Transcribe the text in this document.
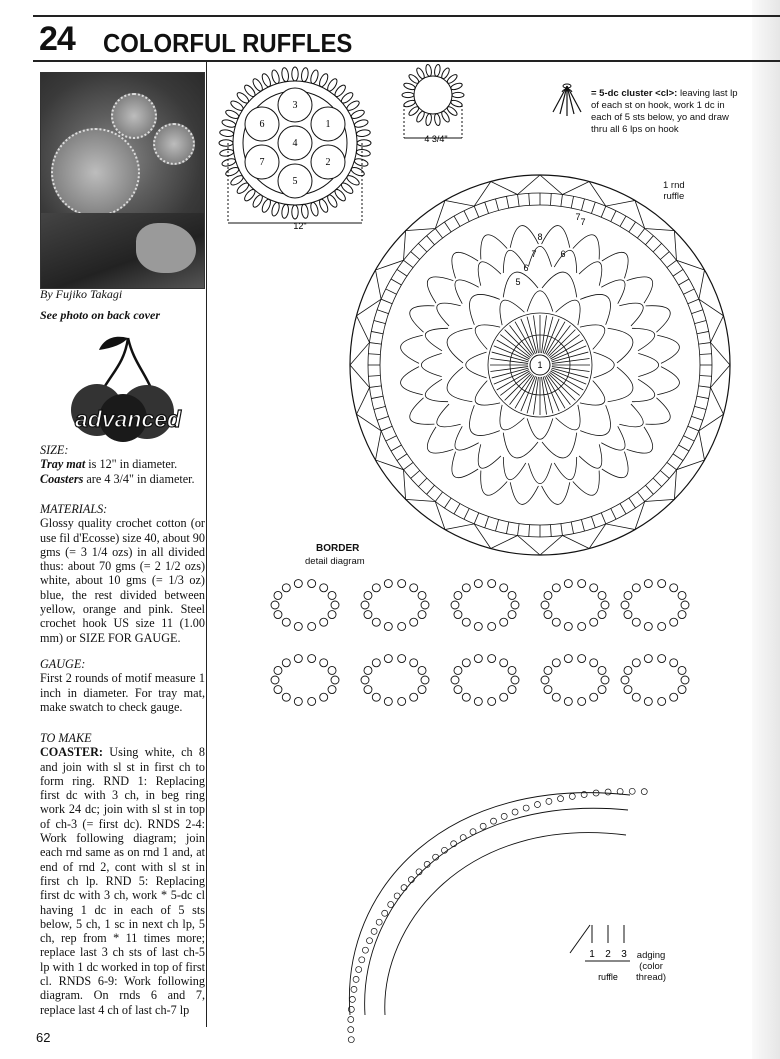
24 COLORFUL RUFFLES
By Fujiko Takagi
See photo on back cover
advanced
SIZE:
Tray mat is 12" in diameter.
Coasters are 4 3/4" in diameter.
MATERIALS:
Glossy quality crochet cotton (or use fil d'Ecosse) size 40, about 90 gms (= 3 1/4 ozs) in all divided thus: about 70 gms (= 2 1/2 ozs) white, about 10 gms (= 1/3 oz) blue, the rest divided between yellow, orange and pink. Steel crochet hook US size 11 (1.00 mm) or SIZE FOR GAUGE.
GAUGE:
First 2 rounds of motif measure 1 inch in diameter. For tray mat, make swatch to check gauge.
TO MAKE
COASTER: Using white, ch 8 and join with sl st in first ch to form ring. RND 1: Replacing first dc with 3 ch, in beg ring work 24 dc; join with sl st in top of ch-3 (= first dc). RNDS 2-4: Work following diagram; join each rnd same as on rnd 1 and, at end of rnd 2, cont with sl st in first ch lp. RND 5: Replacing first dc with 3 ch, work * 5-dc cl having 1 dc in each of 5 sts below, 5 ch, 1 sc in next ch lp, 5 ch, rep from * 11 times more; replace last 3 ch sts of last ch-5 lp with 1 dc worked in top of first cl. RNDS 6-9: Work following diagram. On rnds 6 and 7, replace last 4 ch of last ch-7 lp
62
3
1
6
4
2
7
5
12"
4 3/4"
= 5-dc cluster <cl>: leaving last lp of each st on hook, work 1 dc in each of 5 sts below, yo and draw thru all 6 lps on hook
1
5
6
7
8
6
7
7
1 rnd
ruffle
BORDER
detail diagram
1 2 3
ruffle
adging
(color
thread)
